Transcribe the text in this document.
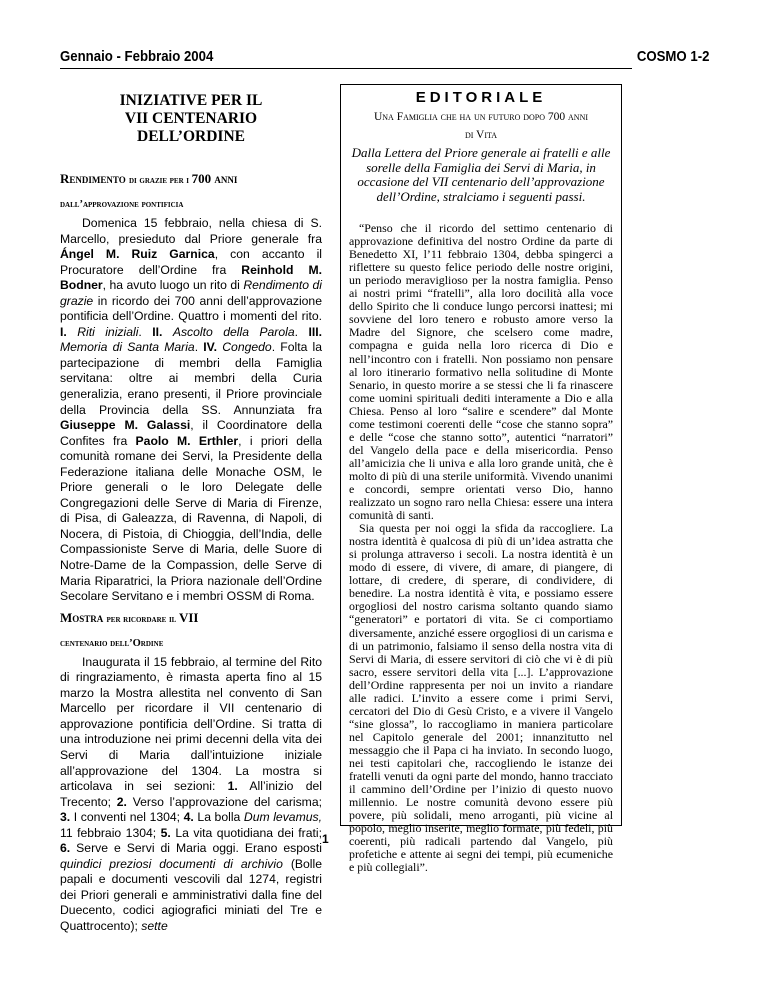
Gennaio - Febbraio 2004	COSMO 1-2
INIZIATIVE PER IL
VII CENTENARIO
DELL’ORDINE
Rendimento di grazie per i 700 anni
dall’approvazione pontificia

Domenica 15 febbraio, nella chiesa di S. Marcello, presieduto dal Priore generale fra Ángel M. Ruiz Garnica, con accanto il Procuratore dell’Ordine fra Reinhold M. Bodner, ha avuto luogo un rito di Rendimento di grazie in ricordo dei 700 anni dell’approvazione pontificia dell’Ordine. Quattro i momenti del rito. I. Riti iniziali. II. Ascolto della Parola. III. Memoria di Santa Maria. IV. Congedo. Folta la partecipazione di membri della Famiglia servitana: oltre ai membri della Curia generalizia, erano presenti, il Priore provinciale della Provincia della SS. Annunziata fra Giuseppe M. Galassi, il Coordinatore della Confites fra Paolo M. Erthler, i priori della comunità romane dei Servi, la Presidente della Federazione italiana delle Monache OSM, le Priore generali o le loro Delegate delle Congregazioni delle Serve di Maria di Firenze, di Pisa, di Galeazza, di Ravenna, di Napoli, di Nocera, di Pistoia, di Chioggia, dell’India, delle Compassioniste Serve di Maria, delle Suore di Notre-Dame de la Compassion, delle Serve di Maria Riparatrici, la Priora nazionale dell’Ordine Secolare Servitano e i membri OSSM di Roma.

Mostra per ricordare il VII
centenario dell’Ordine

Inaugurata il 15 febbraio, al termine del Rito di ringraziamento, è rimasta aperta fino al 15 marzo la Mostra allestita nel convento di San Marcello per ricordare il VII centenario di approvazione pontificia dell’Ordine. Si tratta di una introduzione nei primi decenni della vita dei Servi di Maria dall’intuizione iniziale all’approvazione del 1304. La mostra si articolava in sei sezioni: 1. All’inizio del Trecento; 2. Verso l’approvazione del carisma; 3. I conventi nel 1304; 4. La bolla Dum levamus, 11 febbraio 1304; 5. La vita quotidiana dei frati; 6. Serve e Servi di Maria oggi. Erano esposti quindici preziosi documenti di archivio (Bolle papali e documenti vescovili dal 1274, registri dei Priori generali e amministrativi dalla fine del Duecento, codici agiografici miniati del Tre e Quattrocento); sette

EDITORIALE
Una Famiglia che ha un futuro dopo 700 anni
di Vita
Dalla Lettera del Priore generale ai fratelli e alle sorelle della Famiglia dei Servi di Maria, in occasione del VII centenario dell’approvazione dell’Ordine, stralciamo i seguenti passi.

“Penso che il ricordo del settimo centenario di approvazione definitiva del nostro Ordine da parte di Benedetto XI, l’11 febbraio 1304, debba spingerci a riflettere su questo felice periodo delle nostre origini, un periodo meraviglioso per la nostra famiglia. Penso ai nostri primi “fratelli”, alla loro docilità alla voce dello Spirito che li conduce lungo percorsi inattesi; mi sovviene del loro tenero e robusto amore verso la Madre del Signore, che scelsero come madre, compagna e guida nella loro ricerca di Dio e nell’incontro con i fratelli. Non possiamo non pensare al loro itinerario formativo nella solitudine di Monte Senario, in questo morire a se stessi che li fa rinascere come uomini spirituali dediti interamente a Dio e alla Chiesa. Penso al loro “salire e scendere” dal Monte come testimoni coerenti delle “cose che stanno sopra” e delle “cose che stanno sotto”, autentici “narratori” del Vangelo della pace e della misericordia. Penso all’amicizia che li univa e alla loro grande unità, che è molto di più di una sterile uniformità. Vivendo unanimi e concordi, sempre orientati verso Dio, hanno realizzato un sogno raro nella Chiesa: essere una intera comunità di santi.

Sia questa per noi oggi la sfida da raccogliere. La nostra identità è qualcosa di più di un’idea astratta che si prolunga attraverso i secoli. La nostra identità è un modo di essere, di vivere, di amare, di piangere, di lottare, di credere, di sperare, di condividere, di benedire. La nostra identità è vita, e possiamo essere orgogliosi del nostro carisma soltanto quando siamo “generatori” e portatori di vita. Se ci comportiamo diversamente, anziché essere orgogliosi di un carisma e di un patrimonio, falsiamo il senso della nostra vita di Servi di Maria, di essere servitori di ciò che vi è di più sacro, essere servitori della vita [...]. L’approvazione dell’Ordine rappresenta per noi un invito a riandare alle radici. L’invito a essere come i primi Servi, cercatori del Dio di Gesù Cristo, e a vivere il Vangelo “sine glossa”, lo raccogliamo in maniera particolare nel Capitolo generale del 2001; innanzitutto nel messaggio che il Papa ci ha inviato. In secondo luogo, nei testi capitolari che, raccogliendo le istanze dei fratelli venuti da ogni parte del mondo, hanno tracciato il cammino dell’Ordine per l’inizio di questo nuovo millennio. Le nostre comunità devono essere più povere, più solidali, meno arroganti, più vicine al popolo, meglio inserite, meglio formate, più fedeli, più coerenti, più radicali partendo dal Vangelo, più profetiche e attente ai segni dei tempi, più ecumeniche e più collegiali”.

1
